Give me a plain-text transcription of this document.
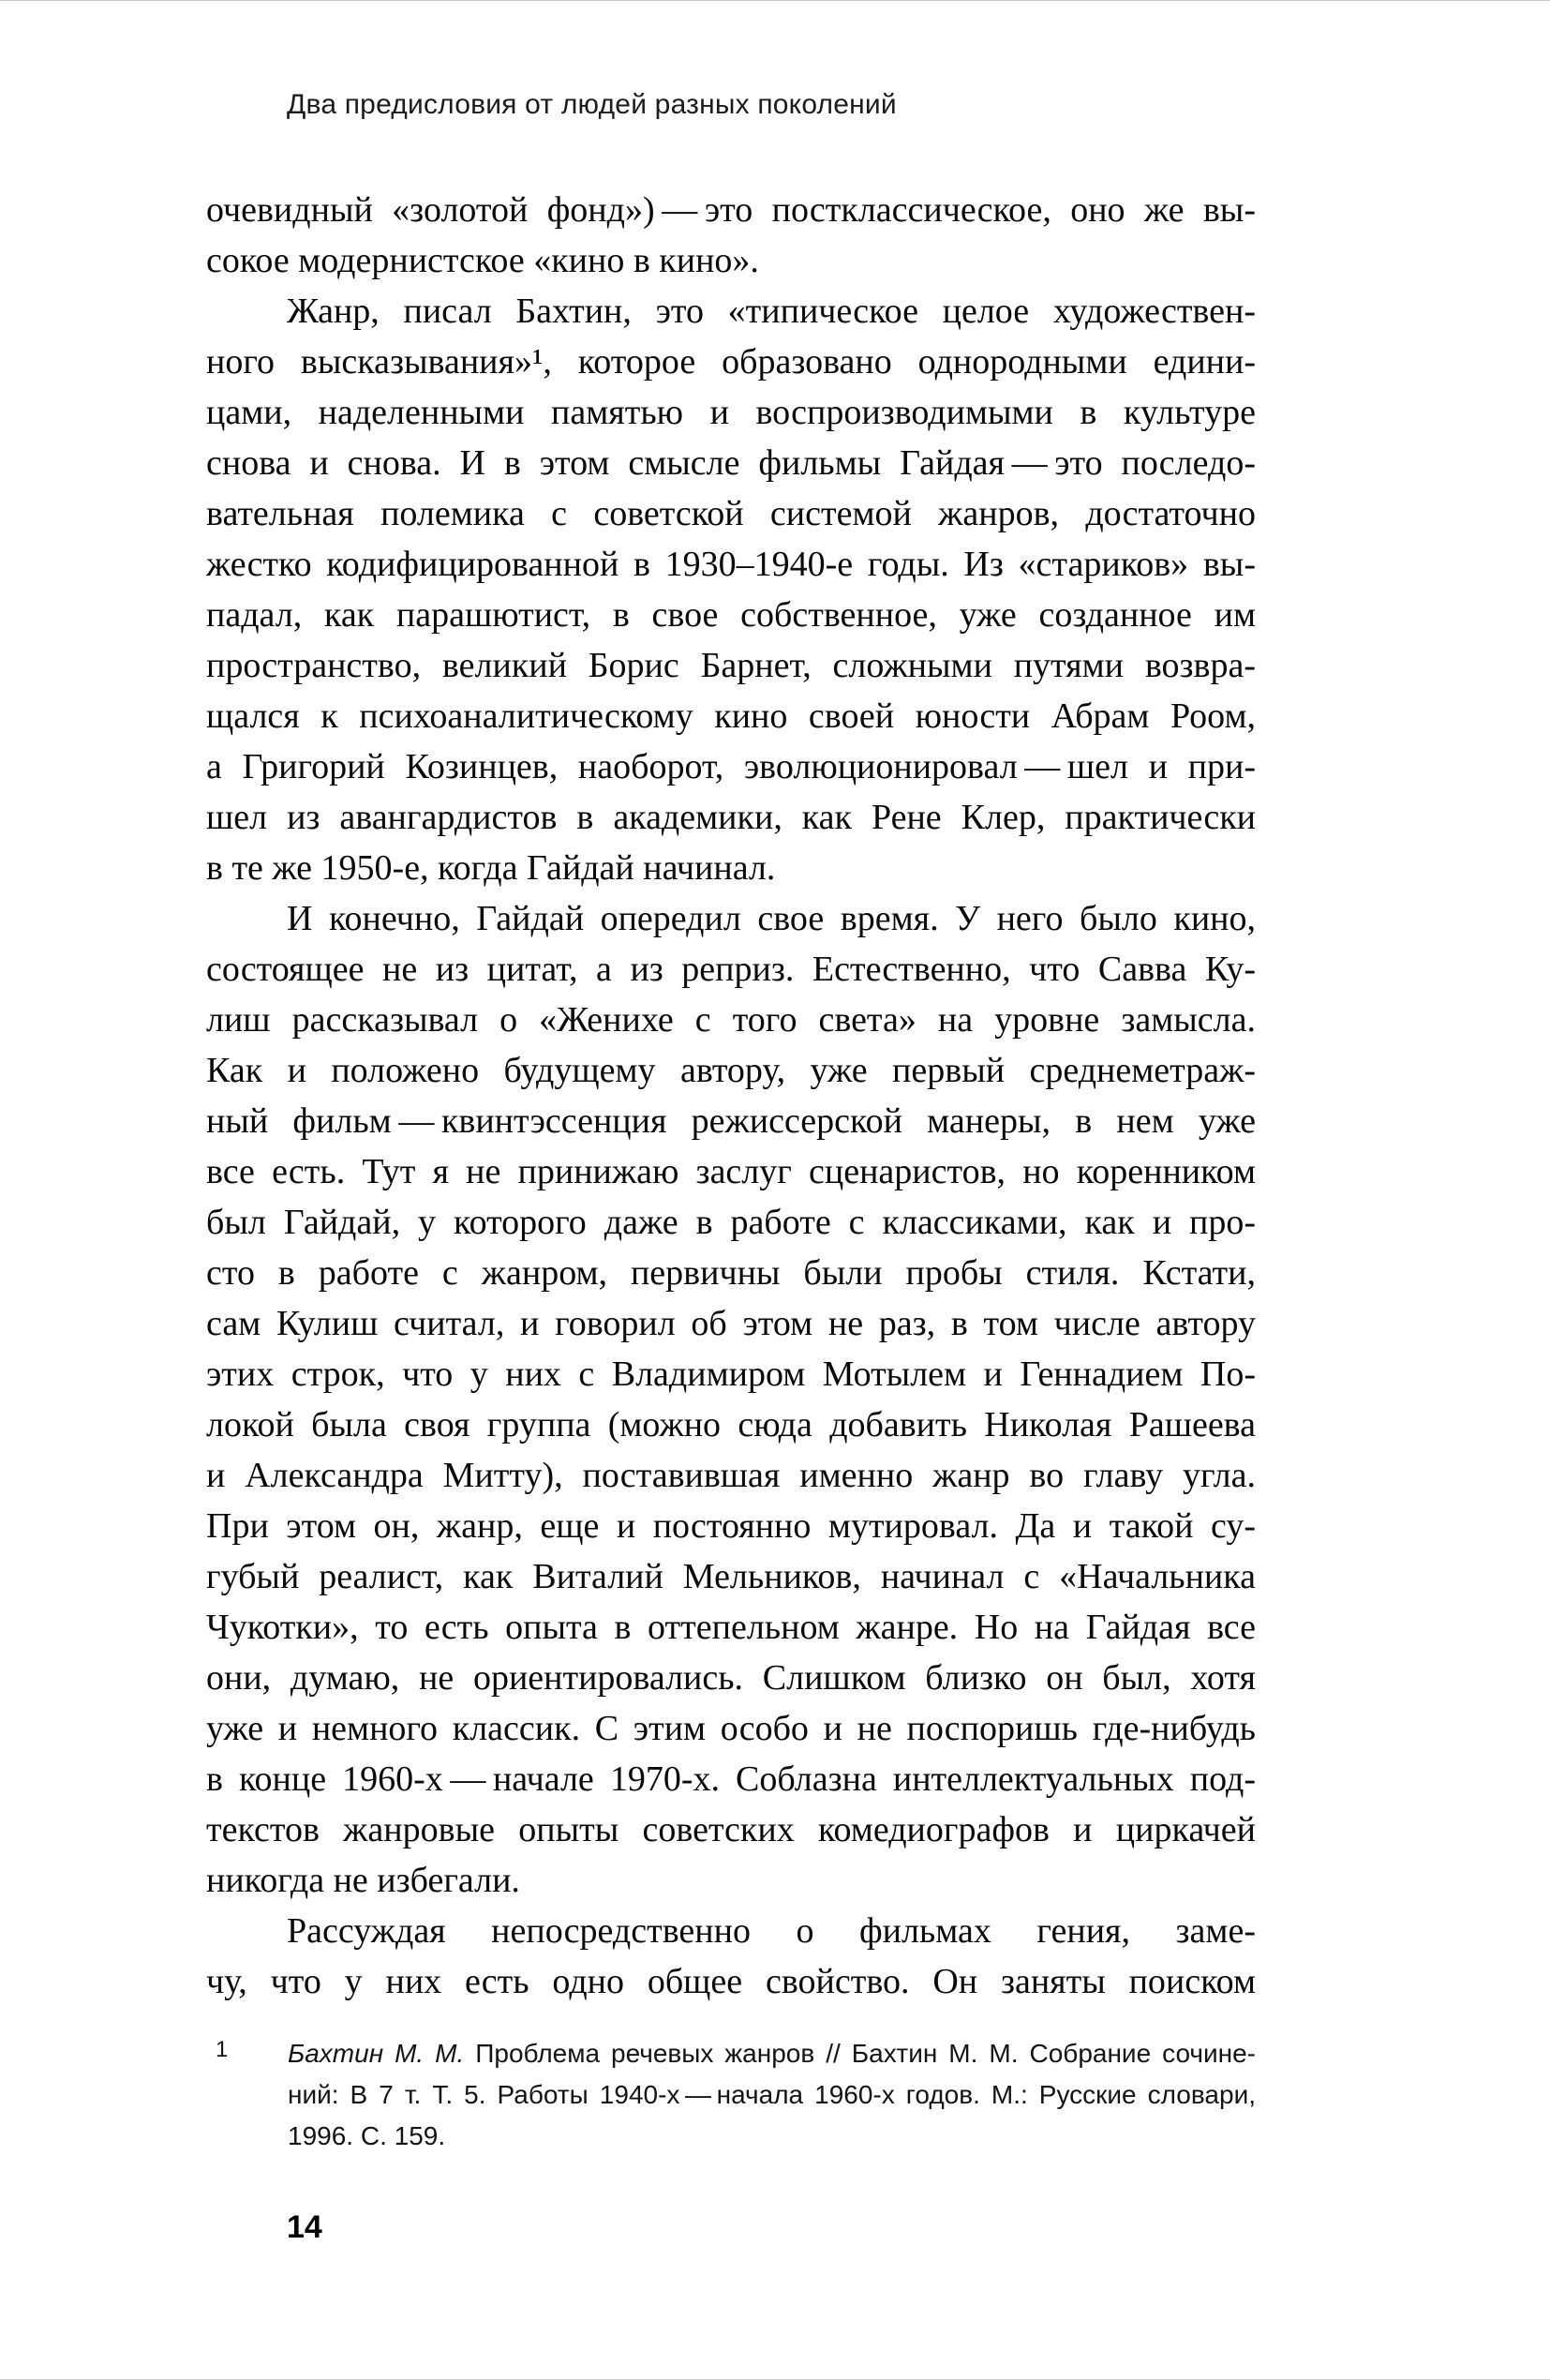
Два предисловия от людей разных поколений
очевидный «золотой фонд») — это постклассическое, оно же вы-
сокое модернистское «кино в кино».
Жанр, писал Бахтин, это «типическое целое художествен-
ного высказывания»¹, которое образовано однородными едини-
цами, наделенными памятью и воспроизводимыми в культуре
снова и снова. И в этом смысле фильмы Гайдая — это последо-
вательная полемика с советской системой жанров, достаточно
жестко кодифицированной в 1930–1940-е годы. Из «стариков» вы-
падал, как парашютист, в свое собственное, уже созданное им
пространство, великий Борис Барнет, сложными путями возвра-
щался к психоаналитическому кино своей юности Абрам Роом,
а Григорий Козинцев, наоборот, эволюционировал — шел и при-
шел из авангардистов в академики, как Рене Клер, практически
в те же 1950-е, когда Гайдай начинал.
И конечно, Гайдай опередил свое время. У него было кино,
состоящее не из цитат, а из реприз. Естественно, что Савва Ку-
лиш рассказывал о «Женихе с того света» на уровне замысла.
Как и положено будущему автору, уже первый среднеметраж-
ный фильм — квинтэссенция режиссерской манеры, в нем уже
все есть. Тут я не принижаю заслуг сценаристов, но коренником
был Гайдай, у которого даже в работе с классиками, как и про-
сто в работе с жанром, первичны были пробы стиля. Кстати,
сам Кулиш считал, и говорил об этом не раз, в том числе автору
этих строк, что у них с Владимиром Мотылем и Геннадием По-
локой была своя группа (можно сюда добавить Николая Рашеева
и Александра Митту), поставившая именно жанр во главу угла.
При этом он, жанр, еще и постоянно мутировал. Да и такой су-
губый реалист, как Виталий Мельников, начинал с «Начальника
Чукотки», то есть опыта в оттепельном жанре. Но на Гайдая все
они, думаю, не ориентировались. Слишком близко он был, хотя
уже и немного классик. С этим особо и не поспоришь где-нибудь
в конце 1960-х — начале 1970-х. Соблазна интеллектуальных под-
текстов жанровые опыты советских комедиографов и циркачей
никогда не избегали.
Рассуждая непосредственно о фильмах гения, заме-
чу, что у них есть одно общее свойство. Он заняты поиском
1 Бахтин М. М. Проблема речевых жанров // Бахтин М. М. Собрание сочине-
ний: В 7 т. Т. 5. Работы 1940-х — начала 1960-х годов. М.: Русские словари,
1996. С. 159.
14
